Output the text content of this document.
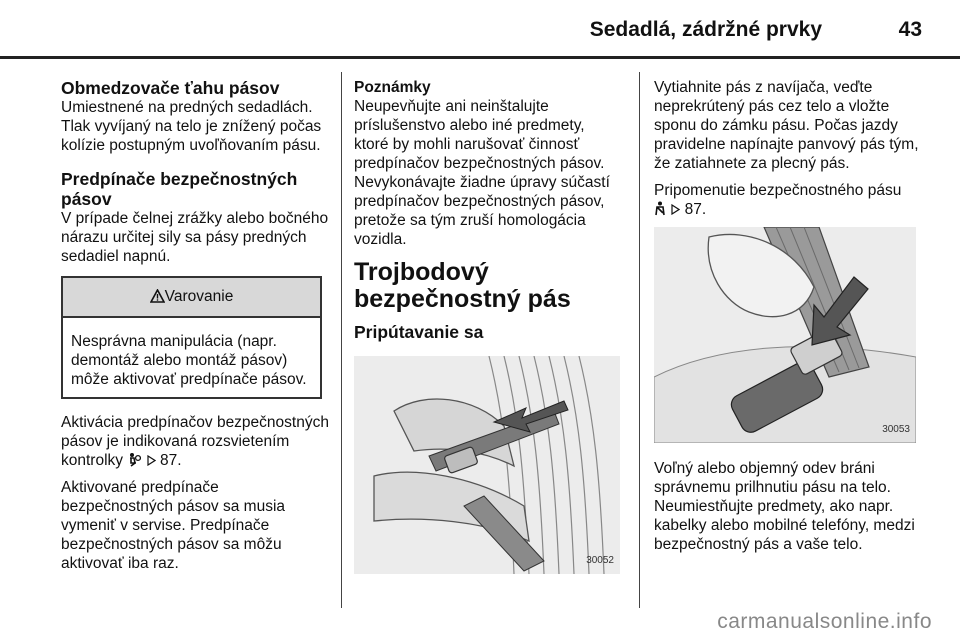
Sedadlá, zádržné prvky	43
Obmedzovače ťahu pásov

Umiestnené na predných sedadlách. Tlak vyvíjaný na telo je znížený počas kolízie postupným uvoľňovaním pásu.

Predpínače bezpečnostných pásov

V prípade čelnej zrážky alebo bočného nárazu určitej sily sa pásy predných sedadiel napnú.

Varovanie
Nesprávna manipulácia (napr. demontáž alebo montáž pásov) môže aktivovať predpínače pásov.

Aktivácia predpínačov bezpečnostných pásov je indikovaná rozsvietením kontrolky 87.

Aktivované predpínače bezpečnostných pásov sa musia vymeniť v servise. Predpínače bezpečnostných pásov sa môžu aktivovať iba raz.

Poznámky

Neupevňujte ani neinštalujte príslušenstvo alebo iné predmety, ktoré by mohli narušovať činnosť predpínačov bezpečnostných pásov. Nevykonávajte žiadne úpravy súčastí predpínačov bezpečnostných pásov, pretože sa tým zruší homologácia vozidla.

Trojbodový bezpečnostný pás
Pripútavanie sa
30052

Vytiahnite pás z navíjača, veďte neprekrútený pás cez telo a vložte sponu do zámku pásu. Počas jazdy pravidelne napínajte panvový pás tým, že zatiahnete za plecný pás.

Pripomenutie bezpečnostného pásu
87.

30053

Voľný alebo objemný odev bráni správnemu prilhnutiu pásu na telo. Neumiestňujte predmety, ako napr. kabelky alebo mobilné telefóny, medzi bezpečnostný pás a vaše telo.

carmanualsonline.info
